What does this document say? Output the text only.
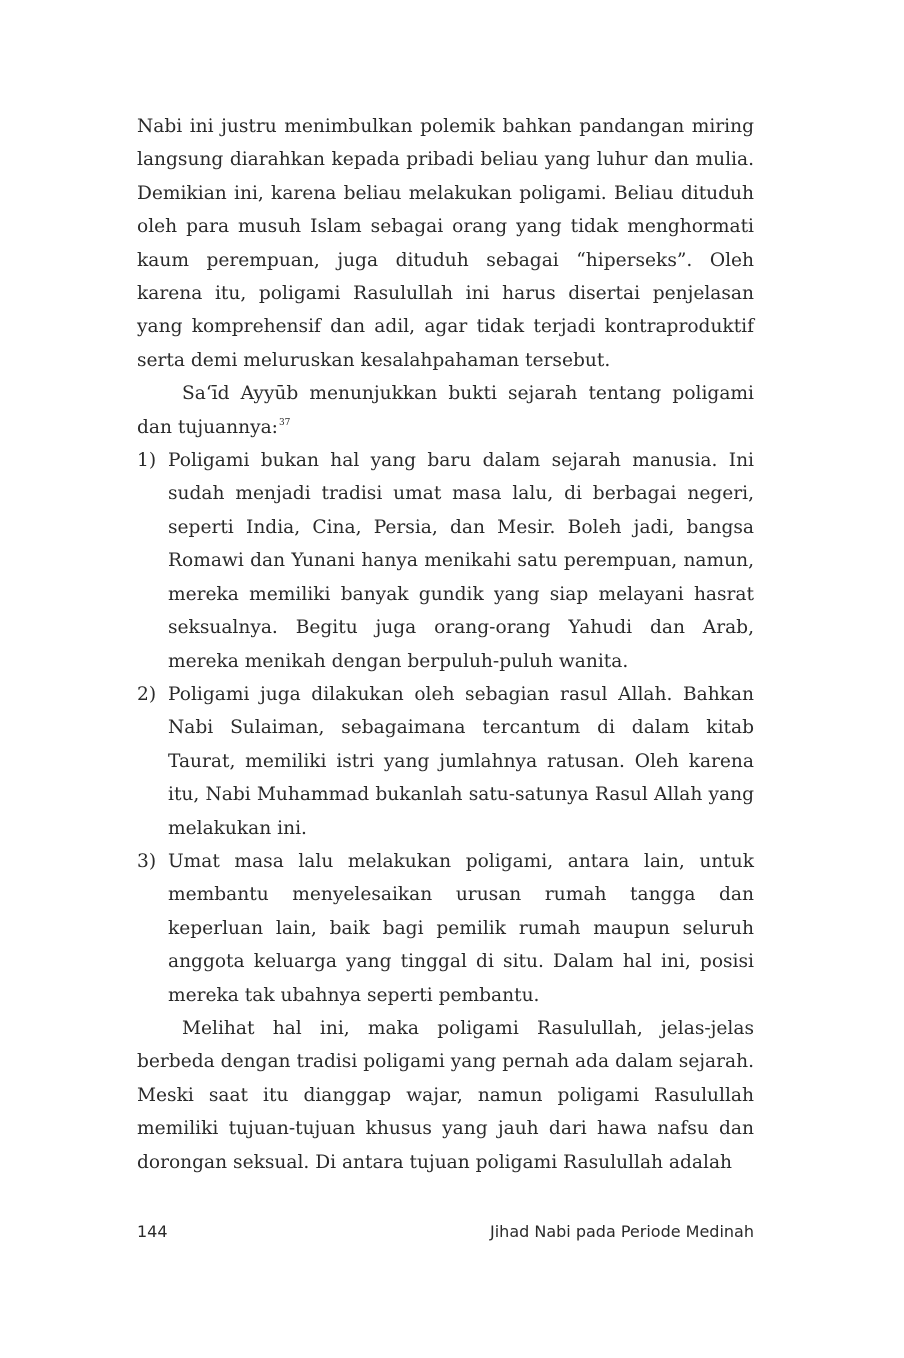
Nabi ini justru menimbulkan polemik bahkan pandangan miring langsung diarahkan kepada pribadi beliau yang luhur dan mulia. Demikian ini, karena beliau melakukan poligami. Beliau dituduh oleh para musuh Islam sebagai orang yang tidak menghormati kaum perempuan, juga dituduh sebagai “hiperseks”. Oleh karena itu, poligami Rasulullah ini harus disertai penjelasan yang komprehensif dan adil, agar tidak terjadi kontraproduktif serta demi meluruskan kesalahpahaman tersebut.

Sa‘īd Ayyūb menunjukkan bukti sejarah tentang poligami dan tujuannya:$^{37}$

1) Poligami bukan hal yang baru dalam sejarah manusia. Ini sudah menjadi tradisi umat masa lalu, di berbagai negeri, seperti India, Cina, Persia, dan Mesir. Boleh jadi, bangsa Romawi dan Yunani hanya menikahi satu perempuan, namun, mereka memiliki banyak gundik yang siap melayani hasrat seksualnya. Begitu juga orang-orang Yahudi dan Arab, mereka menikah dengan berpuluh-puluh wanita.
2) Poligami juga dilakukan oleh sebagian rasul Allah. Bahkan Nabi Sulaiman, sebagaimana tercantum di dalam kitab Taurat, memiliki istri yang jumlahnya ratusan. Oleh karena itu, Nabi Muhammad bukanlah satu-satunya Rasul Allah yang melakukan ini.
3) Umat masa lalu melakukan poligami, antara lain, untuk membantu menyelesaikan urusan rumah tangga dan keperluan lain, baik bagi pemilik rumah maupun seluruh anggota keluarga yang tinggal di situ. Dalam hal ini, posisi mereka tak ubahnya seperti pembantu.

Melihat hal ini, maka poligami Rasulullah, jelas-jelas berbeda dengan tradisi poligami yang pernah ada dalam sejarah. Meski saat itu dianggap wajar, namun poligami Rasulullah memiliki tujuan-tujuan khusus yang jauh dari hawa nafsu dan dorongan seksual. Di antara tujuan poligami Rasulullah adalah

144	Jihad Nabi pada Periode Medinah
